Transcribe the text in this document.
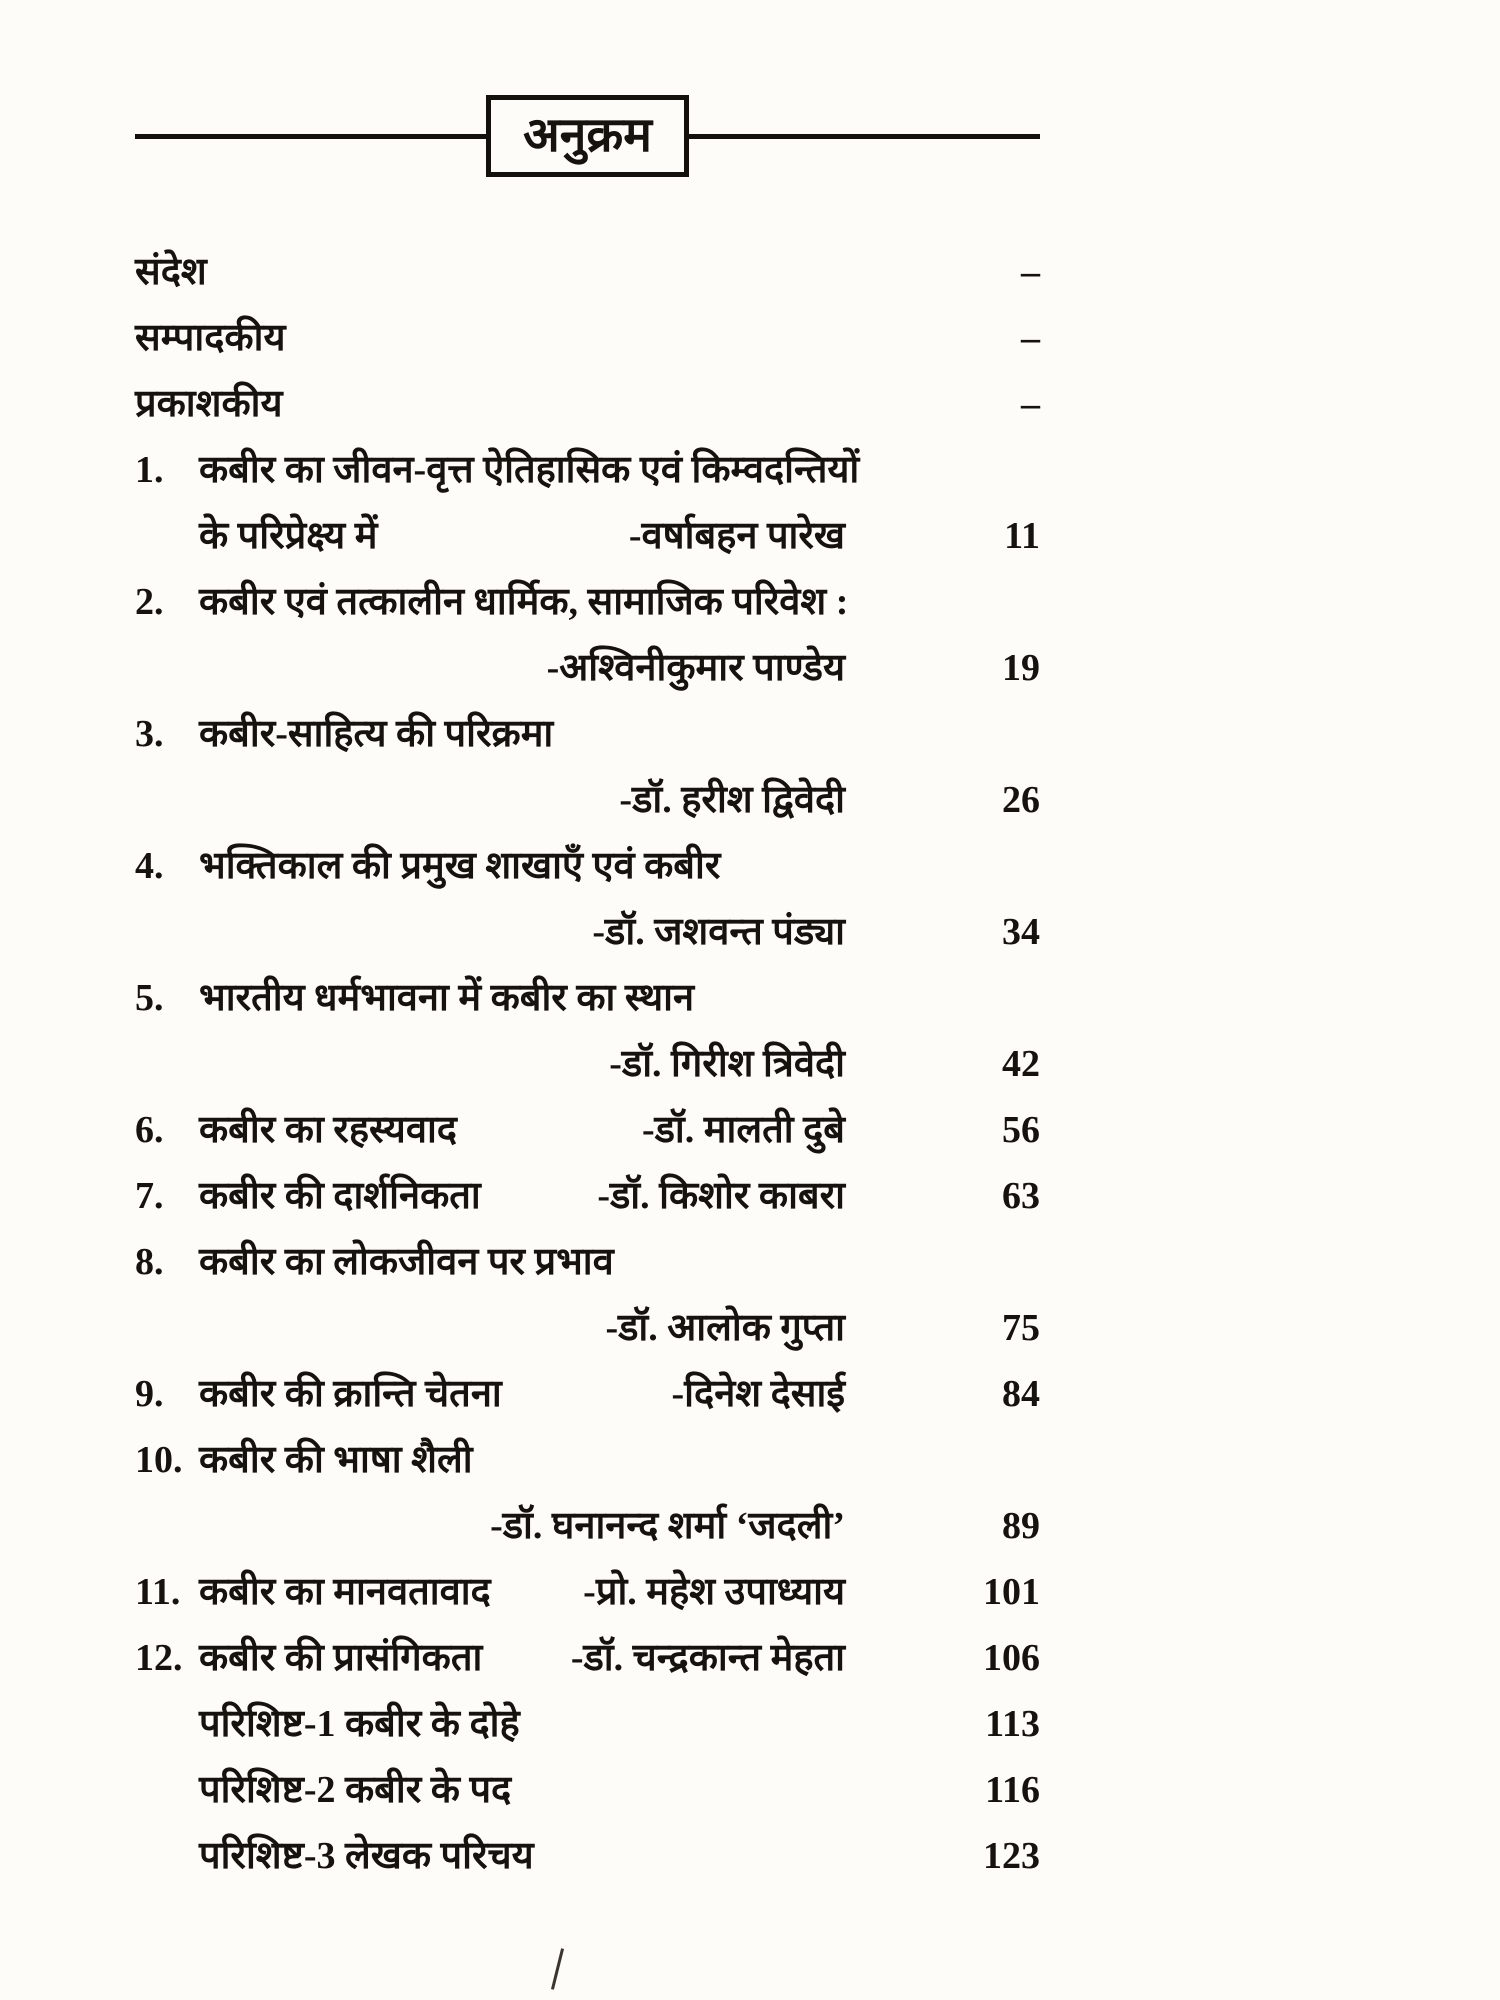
अनुक्रम
संदेश	–
सम्पादकीय	–
प्रकाशकीय	–
1. कबीर का जीवन-वृत्त ऐतिहासिक एवं किम्वदन्तियों
के परिप्रेक्ष्य में	-वर्षाबहन पारेख	11
2. कबीर एवं तत्कालीन धार्मिक, सामाजिक परिवेश :
-अश्विनीकुमार पाण्डेय	19
3. कबीर-साहित्य की परिक्रमा
-डॉ. हरीश द्विवेदी	26
4. भक्तिकाल की प्रमुख शाखाएँ एवं कबीर
-डॉ. जशवन्त पंड्या	34
5. भारतीय धर्मभावना में कबीर का स्थान
-डॉ. गिरीश त्रिवेदी	42
6. कबीर का रहस्यवाद	-डॉ. मालती दुबे	56
7. कबीर की दार्शनिकता	-डॉ. किशोर काबरा	63
8. कबीर का लोकजीवन पर प्रभाव
-डॉ. आलोक गुप्ता	75
9. कबीर की क्रान्ति चेतना	-दिनेश देसाई	84
10. कबीर की भाषा शैली
-डॉ. घनानन्द शर्मा ‘जदली’	89
11. कबीर का मानवतावाद -प्रो. महेश उपाध्याय	101
12. कबीर की प्रासंगिकता -डॉ. चन्द्रकान्त मेहता	106
परिशिष्ट-1 कबीर के दोहे	113
परिशिष्ट-2 कबीर के पद	116
परिशिष्ट-3 लेखक परिचय	123
